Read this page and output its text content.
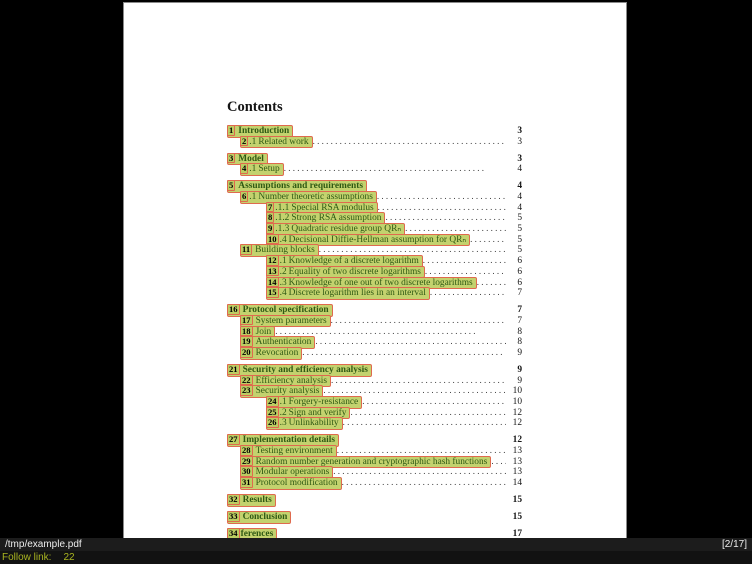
Contents
1 Introduction	3
2 .1 Related work . .	3
3 Model	3
4 .1 Setup . .	4
5 Assumptions and requirements	4
6 .1 Number theoretic assumptions . .	4
7 .1.1 Special RSA modulus . .	4
8 .1.2 Strong RSA assumption . .	5
9 .1.3 Quadratic residue group QRₙ . .	5
10 .4 Decisional Diffie-Hellman assumption for QRₙ . .	5
11 Building blocks . .	5
12 .1 Knowledge of a discrete logarithm . .	6
13 .2 Equality of two discrete logarithms . .	6
14 .3 Knowledge of one out of two discrete logarithms . .	6
15 .4 Discrete logarithm lies in an interval . .	7
16 Protocol specification	7
17 System parameters . .	7
18 Join . .	8
19 Authentication . .	8
20 Revocation . .	9
21 Security and efficiency analysis	9
22 Efficiency analysis . .	9
23 Security analysis . .	10
24 .1 Forgery-resistance . .	10
25 .2 Sign and verify . .	12
26 .3 Unlinkability . .	12
27 Implementation details	12
28 Testing environment . .	13
29 Random number generation and cryptographic hash functions . .	13
30 Modular operations . .	13
31 Protocol modification . .	14
32 Results	15
33 Conclusion	15
34 ferences	17
/tmp/example.pdf	[2/17]
Follow link: 22
